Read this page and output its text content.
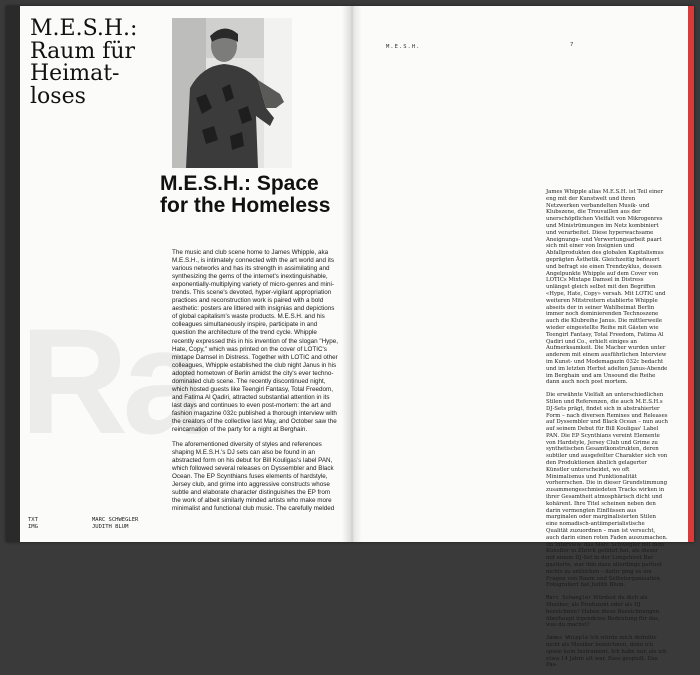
Ra
M.E.S.H.: Raum für Heimat-loses
M.E.S.H.: Space for the Homeless

The music and club scene home to James Whipple, aka M.E.S.H., is intimately connected with the art world and its various networks and has its strength in assimilating and synthesizing the gems of the internet's inextinguishable, exponentially-multiplying variety of micro-genres and mini-trends. This scene's devoted, hyper-vigilant appropriation practices and reconstruction work is paired with a bold aesthetic: posters are littered with insignias and depictions of global capitalism's waste products. M.E.S.H. and his colleagues simultaneously inspire, participate in and question the architecture of the trend cycle. Whipple recently expressed this in his invention of the slogan "Hype, Hate, Copy," which was printed on the cover of LOTIC's mixtape Damsel in Distress. Together with LOTIC and other colleagues, Whipple established the club night Janus in his adopted hometown of Berlin amidst the city's ever techno-dominated club scene. The recently discontinued night, which hosted guests like Teengirl Fantasy, Total Freedom, and Fatima Al Qadiri, attracted substantial attention in its last days and continues to even post-mortem: the art and fashion magazine 032c published a thorough interview with the creators of the collective last May, and October saw the reincarnation of the party for a night at Berghain.

The aforementioned diversity of styles and references shaping M.E.S.H.'s DJ sets can also be found in an abstracted form on his debut for Bill Kouligas's label PAN, which followed several releases on Dyssembler and Black Ocean. The EP Scynthians fuses elements of hardstyle, Jersey club, and grime into aggressive constructs whose subtle and elaborate character distinguishes the EP from the work of albeit similarly minded artists who make more minimalist and functional club music. The carefully melded

TXT
IMG
MARC SCHWEGLER
JUDITH BLUM
M.E.S.H.	7

James Whipple alias M.E.S.H. ist Teil einer eng mit der Kunstwelt und ihren Netzwerken verbandelten Musik- und Klubszene, die Trouvaillen aus der unerschöpflichen Vielfalt von Mikrogenres und Ministrümungen im Netz kombiniert und verarbeitet. Diese hyperwachsame Aneignungs- und Verwertungsarbeit paart sich mit einer von Insignien und Abfallprodukten des globalen Kapitalismus geprägten Ästhetik. Gleichzeitig befeuert und befragt sie einen Trendzyklus, dessen Angelpunkte Whipple auf dem Cover von LOTICs Mixtape Damsel in Distress unlängst gleich selbst mit den Begriffen «Hype, Hate, Copy» versah. Mit LOTIC und weiteren Mitstreitern etablierte Whipple abseits der in seiner Wahlheimat Berlin immer noch dominierenden Technoszene auch die Klubreihe Janus. Die mittlerweile wieder eingestellte Reihe mit Gästen wie Teengirl Fantasy, Total Freedom, Fatima Al Qadiri und Co., erhielt einiges an Aufmerksamkeit. Die Macher wurden unter anderem mit einem ausführlichen Interview im Kunst- und Modemagazin 032c bedacht und im letzten Herbst adelten Janus-Abende im Berghain und am Unsound die Reihe dann auch noch post mortem.

Die erwähnte Vielfalt an unterschiedlichen Stilen und Referenzen, die auch M.E.S.H.s DJ-Sets prägt, findet sich in abstrahierter Form – nach diversen Remixes und Releases auf Dyssembler und Black Ocean – nun auch auf seinem Debut für Bill Kouligas' Label PAN. Die EP Scynthians vereint Elemente von Hardstyle, Jersey Club und Grime zu synthetischen Gesamtkonstrukten, deren subtiler und ausgefeilter Charakter sich von den Produktionen ähnlich gelagerter Künstler unterscheidet, wo oft Minimalismus und Funktionalität vorherrschen. Die in dieser Grundstimmung zusammengeschmiedeten Tracks wirken in ihrer Gesamtheit atmosphärisch dicht und kohärent. Ihre Titel scheinen neben den darin vermengten Einflüssen aus marginalen oder marginalisierten Stilen eine nomadisch-antiimperialistische Qualität zuzuordnen – man ist versucht, auch darin einen roten Faden auszumachen. Im Interview, das Marc Schwegler mit dem Künstler in Zürich geführt hat, als dieser mit einem DJ-Set in der Longstreet Bar gastierte, war ihm dazu allerdings partout nichts zu entlocken – dafür ging es um Fragen von Raum und Selbstorganisation. Fotografiert hat Judith Blum.

Marc Schwegler Würdest du dich als Musiker, als Produzent oder als DJ bezeichnen? Haben diese Bezeichnungen überhaupt irgendeine Bedeutung für das, was du machst?

James Whipple Ich würde mich definitiv nicht als Musiker bezeichnen, denn ich spiele kein Instrument. Ich habe nur, als ich etwa 14 Jahre alt war, Bass gespielt. Das Pas-
